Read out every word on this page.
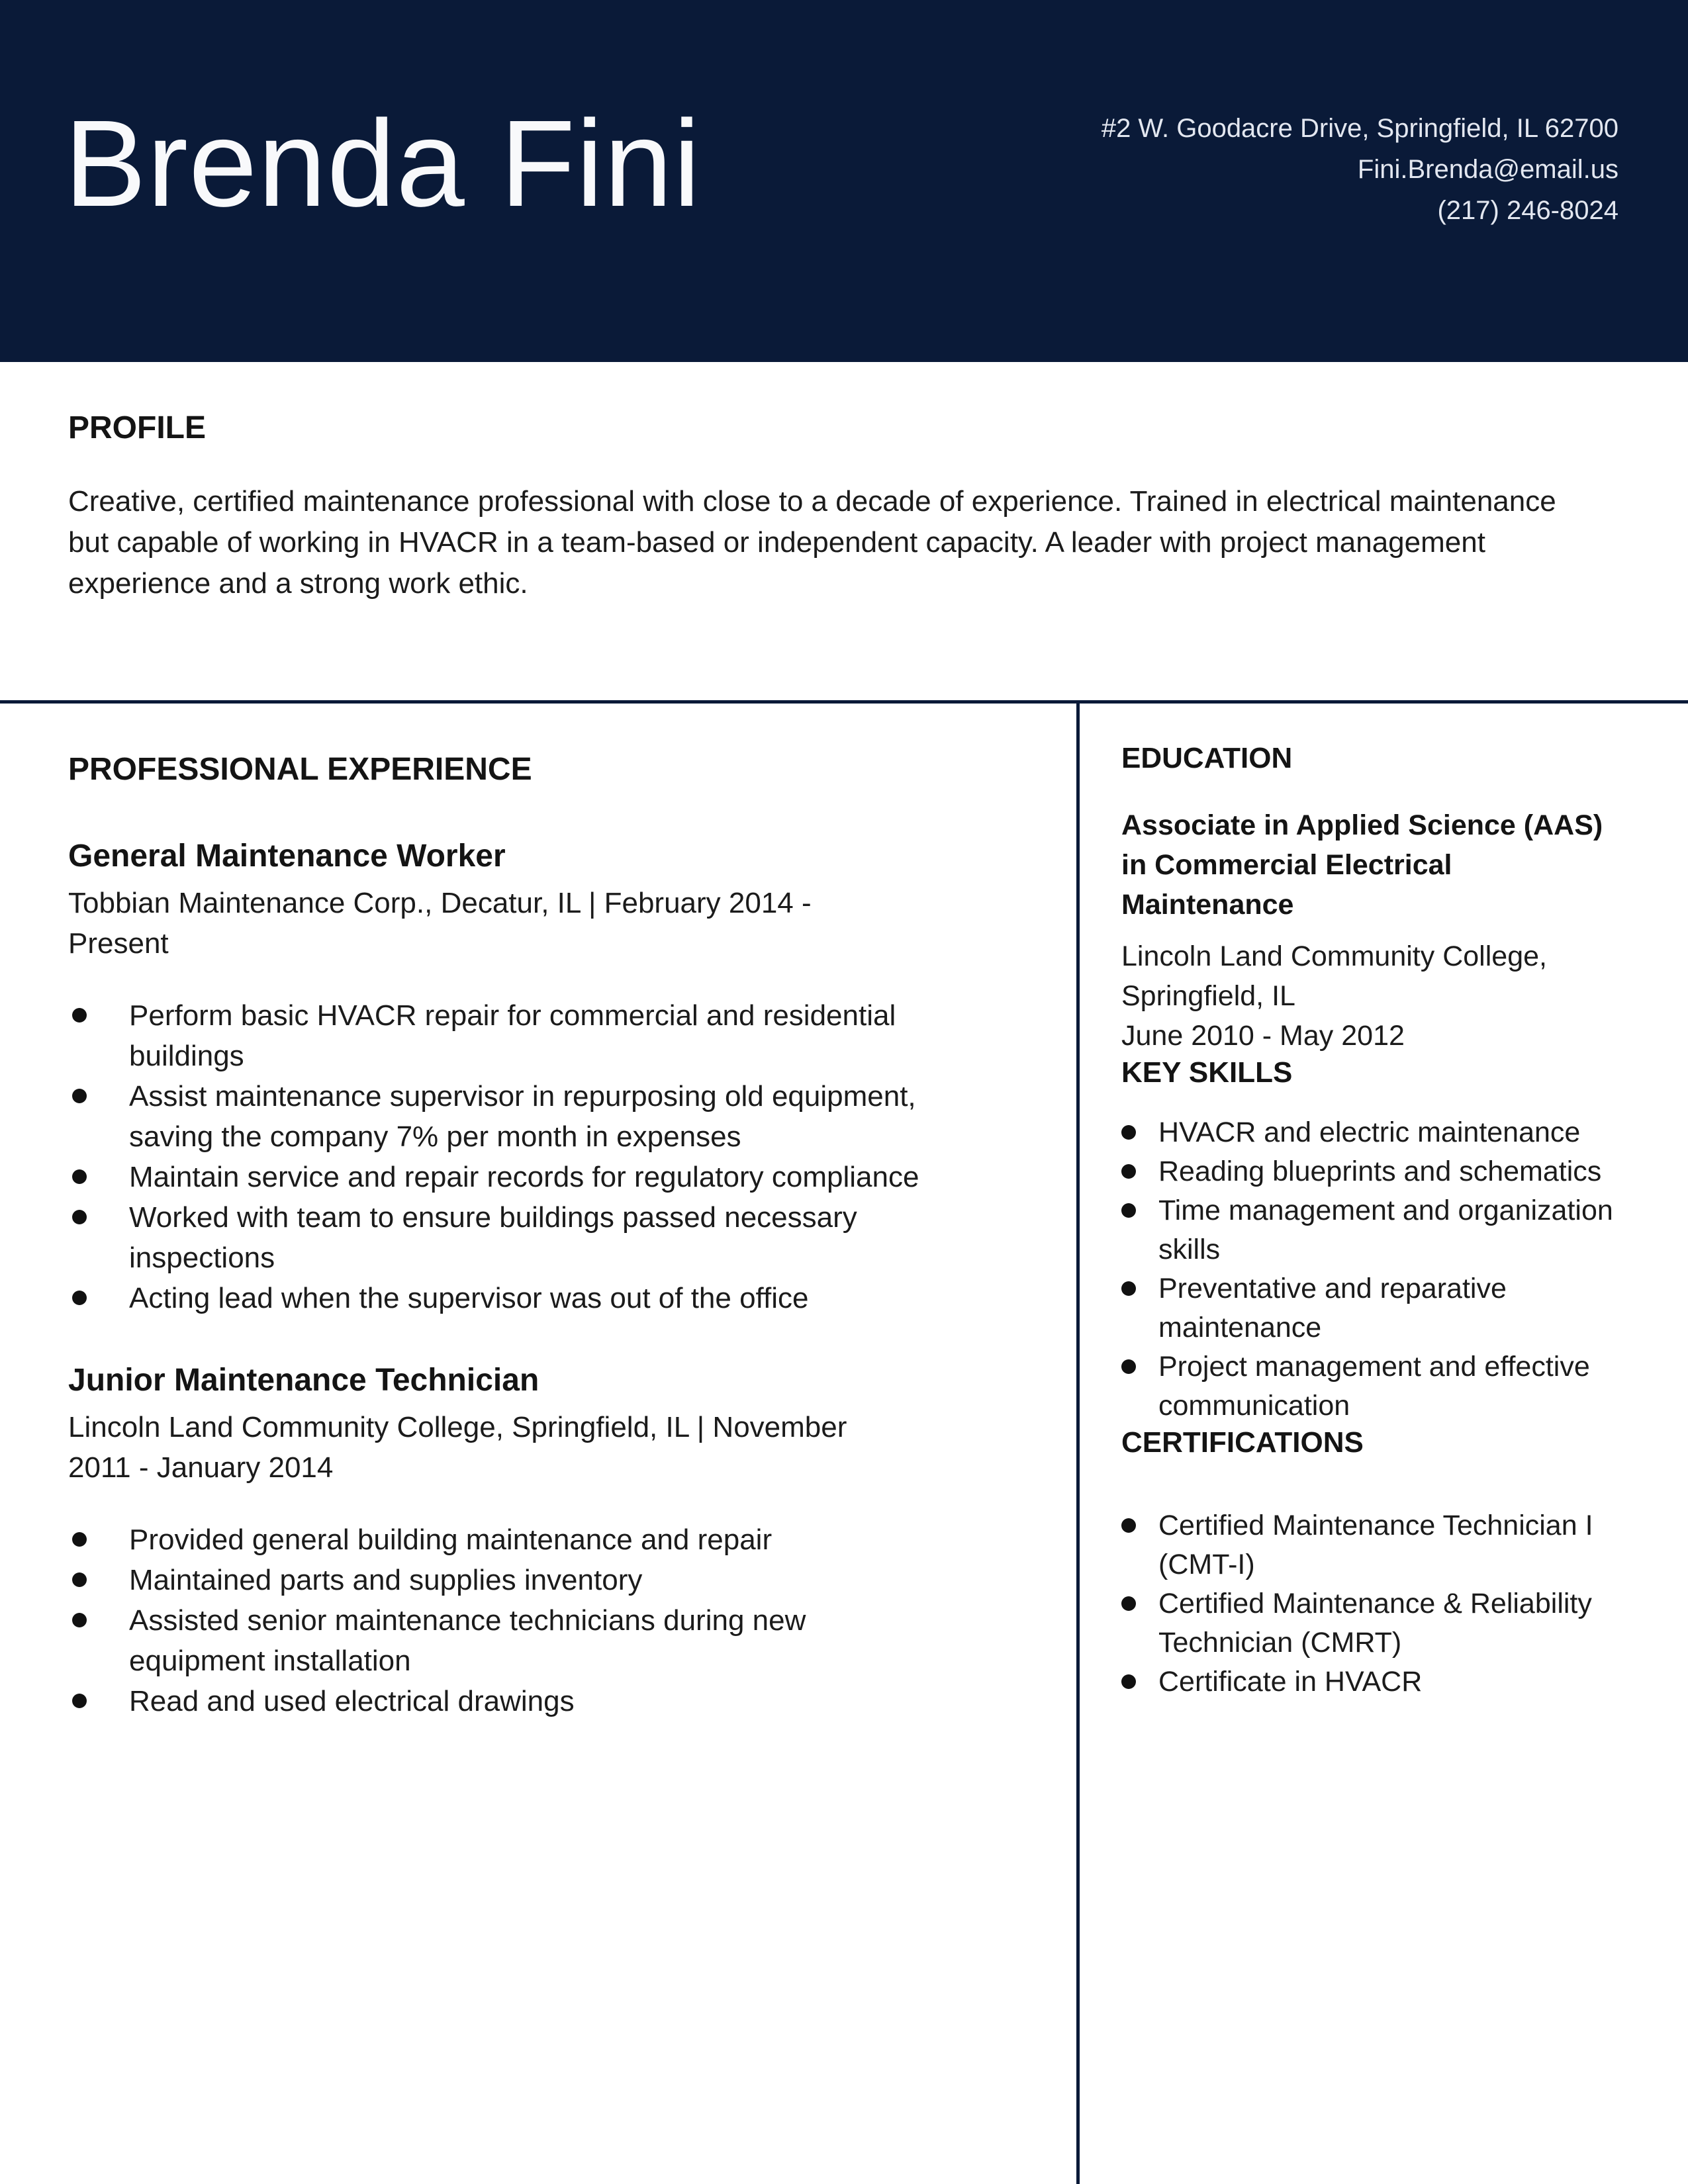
Brenda Fini	#2 W. Goodacre Drive, Springfield, IL 62700
Fini.Brenda@email.us
(217) 246-8024
PROFILE

Creative, certified maintenance professional with close to a decade of experience. Trained in electrical maintenance but capable of working in HVACR in a team-based or independent capacity. A leader with project management experience and a strong work ethic.

PROFESSIONAL EXPERIENCE
General Maintenance Worker

Tobbian Maintenance Corp., Decatur, IL | February 2014 - Present

Perform basic HVACR repair for commercial and residential buildings
Assist maintenance supervisor in repurposing old equipment, saving the company 7% per month in expenses
Maintain service and repair records for regulatory compliance
Worked with team to ensure buildings passed necessary inspections
Acting lead when the supervisor was out of the office
Junior Maintenance Technician

Lincoln Land Community College, Springfield, IL | November 2011 - January 2014

Provided general building maintenance and repair
Maintained parts and supplies inventory
Assisted senior maintenance technicians during new equipment installation
Read and used electrical drawings
EDUCATION
Associate in Applied Science (AAS) in Commercial Electrical Maintenance
Lincoln Land Community College,
Springfield, IL
June 2010 - May 2012
KEY SKILLS
HVACR and electric maintenance
Reading blueprints and schematics
Time management and organization skills
Preventative and reparative maintenance
Project management and effective communication
CERTIFICATIONS
Certified Maintenance Technician I (CMT-I)
Certified Maintenance & Reliability Technician (CMRT)
Certificate in HVACR
